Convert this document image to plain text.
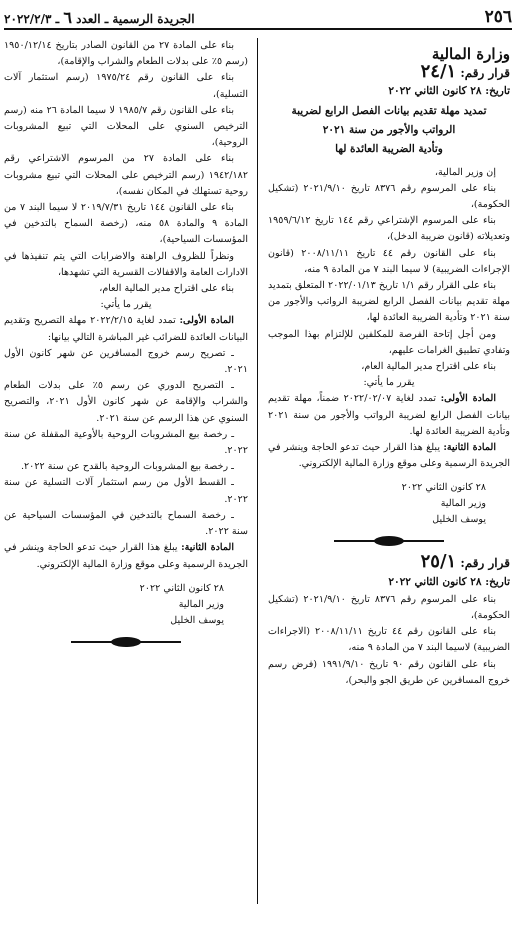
٢٥٦
الجريدة الرسمية ـ العدد ٦ ـ ٢٠٢٢/٢/٣
وزارة المالية
قرار رقم: ٢٤/١
تاريخ: ٢٨ كانون الثاني ٢٠٢٢
تمديد مهلة تقديم بيانات الفصل الرابع لضريبة
الرواتب والأجور من سنة ٢٠٢١
وتأدية الضريبة العائدة لها

إن وزير المالية،

بناء على المرسوم رقم ٨٣٧٦ تاريخ ٢٠٢١/٩/١٠ (تشكيل الحكومة)،

بناء على المرسوم الإشتراعي رقم ١٤٤ تاريخ ١٩٥٩/٦/١٢ وتعديلاته (قانون ضريبة الدخل)،

بناء على القانون رقم ٤٤ تاريخ ٢٠٠٨/١١/١١ (قانون الإجراءات الضريبية) لا سيما البند ٧ من المادة ٩ منه،

بناء على القرار رقم ١/١ تاريخ ٢٠٢٢/٠١/١٣ المتعلق بتمديد مهلة تقديم بيانات الفصل الرابع لضريبة الرواتب والأجور من سنة ٢٠٢١ وتأدية الضريبة العائدة لها،

ومن أجل إتاحة الفرصة للمكلفين للإلتزام بهذا الموجب وتفادي تطبيق الغرامات عليهم،

بناء على اقتراح مدير المالية العام،

يقرر ما يأتي:

المادة الأولى: تمدد لغاية ٢٠٢٢/٠٢/٠٧ ضمناً، مهلة تقديم بيانات الفصل الرابع لضريبة الرواتب والأجور من سنة ٢٠٢١ وتأدية الضريبة العائدة لها.

المادة الثانية: يبلغ هذا القرار حيث تدعو الحاجة وينشر في الجريدة الرسمية وعلى موقع وزارة المالية الإلكتروني.

٢٨ كانون الثاني ٢٠٢٢
وزير المالية
يوسف الخليل
قرار رقم: ٢٥/١
تاريخ: ٢٨ كانون الثاني ٢٠٢٢

بناء على المرسوم رقم ٨٣٧٦ تاريخ ٢٠٢١/٩/١٠ (تشكيل الحكومة)،

بناء على القانون رقم ٤٤ تاريخ ٢٠٠٨/١١/١١ (الاجراءات الضريبية) لاسيما البند ٧ من المادة ٩ منه،

بناء على القانون رقم ٩٠ تاريخ ١٩٩١/٩/١٠ (فرض رسم خروج المسافرين عن طريق الجو والبحر)،

بناء على المادة ٢٧ من القانون الصادر بتاريخ ١٩٥٠/١٢/١٤ (رسم ٥٪ على بدلات الطعام والشراب والإقامة)،

بناء على القانون رقم ١٩٧٥/٢٤ (رسم استثمار آلات التسلية)،

بناء على القانون رقم ١٩٨٥/٧ لا سيما المادة ٢٦ منه (رسم الترخيص السنوي على المحلات التي تبيع المشروبات الروحية)،

بناء على المادة ٢٧ من المرسوم الاشتراعي رقم ١٩٤٢/١٨٢ (رسم الترخيص على المحلات التي تبيع مشروبات روحية تستهلك في المكان نفسه)،

بناء على القانون ١٤٤ تاريخ ٢٠١٩/٧/٣١ لا سيما البند ٧ من المادة ٩ والمادة ٥٨ منه، (رخصة السماح بالتدخين في المؤسسات السياحية)،

ونظراً للظروف الراهنة والاضرابات التي يتم تنفيذها في الادارات العامة والاقفالات القسرية التي تشهدها،

بناء على اقتراح مدير المالية العام،

يقرر ما يأتي:

المادة الأولى: تمدد لغاية ٢٠٢٢/٢/١٥ مهلة التصريح وتقديم البيانات العائدة للضرائب غير المباشرة التالي بيانها:

ـ تصريح رسم خروج المسافرين عن شهر كانون الأول ٢٠٢١.

ـ التصريح الدوري عن رسم ٥٪ على بدلات الطعام والشراب والإقامة عن شهر كانون الأول ٢٠٢١، والتصريح السنوي عن هذا الرسم عن سنة ٢٠٢١.

ـ رخصة بيع المشروبات الروحية بالأوعية المقفلة عن سنة ٢٠٢٢.

ـ رخصة بيع المشروبات الروحية بالقدح عن سنة ٢٠٢٢.

ـ القسط الأول من رسم استثمار آلات التسلية عن سنة ٢٠٢٢.

ـ رخصة السماح بالتدخين في المؤسسات السياحية عن سنة ٢٠٢٢.

المادة الثانية: يبلغ هذا القرار حيث تدعو الحاجة وينشر في الجريدة الرسمية وعلى موقع وزارة المالية الإلكتروني.

٢٨ كانون الثاني ٢٠٢٢
وزير المالية
يوسف الخليل
